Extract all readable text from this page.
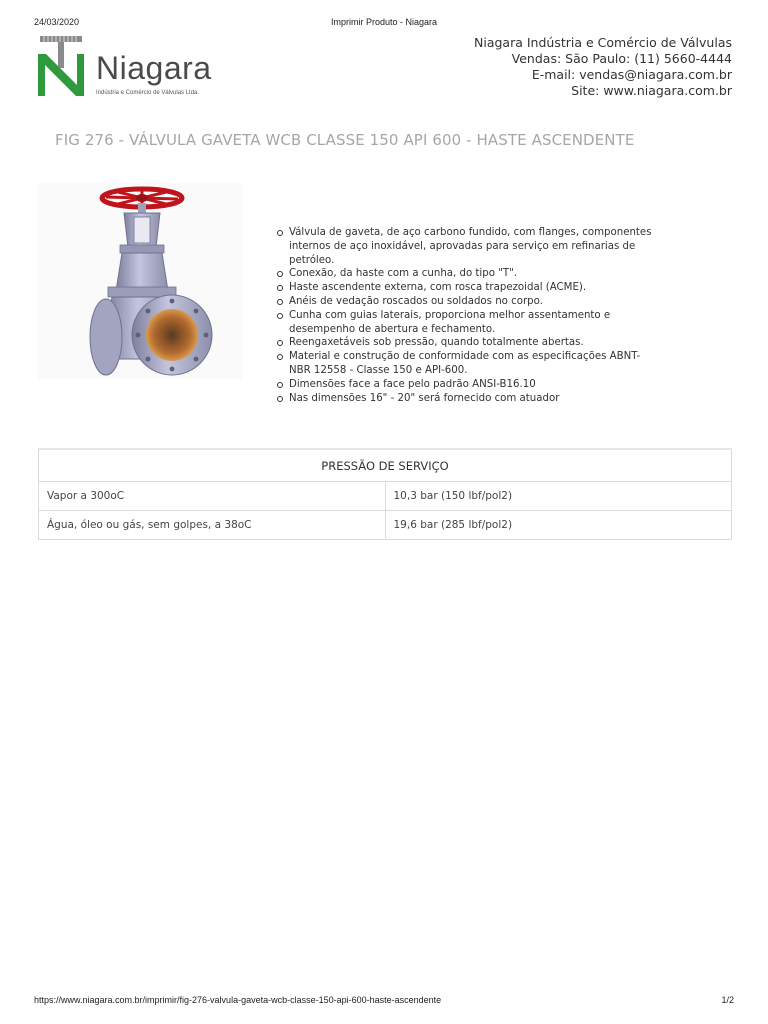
24/03/2020	Imprimir Produto - Niagara
Niagara
Indústria e Comércio de Válvulas Ltda.
Niagara Indústria e Comércio de Válvulas
Vendas: São Paulo: (11) 5660-4444
E-mail: vendas@niagara.com.br
Site: www.niagara.com.br
FIG 276 - VÁLVULA GAVETA WCB CLASSE 150 API 600 - HASTE ASCENDENTE
Válvula de gaveta, de aço carbono fundido, com flanges, componentes internos de aço inoxidável, aprovadas para serviço em refinarias de petróleo.
Conexão, da haste com a cunha, do tipo "T".
Haste ascendente externa, com rosca trapezoidal (ACME).
Anéis de vedação roscados ou soldados no corpo.
Cunha com guias laterais, proporciona melhor assentamento e desempenho de abertura e fechamento.
Reengaxetáveis sob pressão, quando totalmente abertas.
Material e construção de conformidade com as especificações ABNT-NBR 12558 - Classe 150 e API-600.
Dimensões face a face pelo padrão ANSI-B16.10
Nas dimensões 16" - 20" será fornecido com atuador
PRESSÃO DE SERVIÇO	
Vapor a 300oC	10,3 bar (150 lbf/pol2)
Água, óleo ou gás, sem golpes, a 38oC	19,6 bar (285 lbf/pol2)
https://www.niagara.com.br/imprimir/fig-276-valvula-gaveta-wcb-classe-150-api-600-haste-ascendente	1/2
